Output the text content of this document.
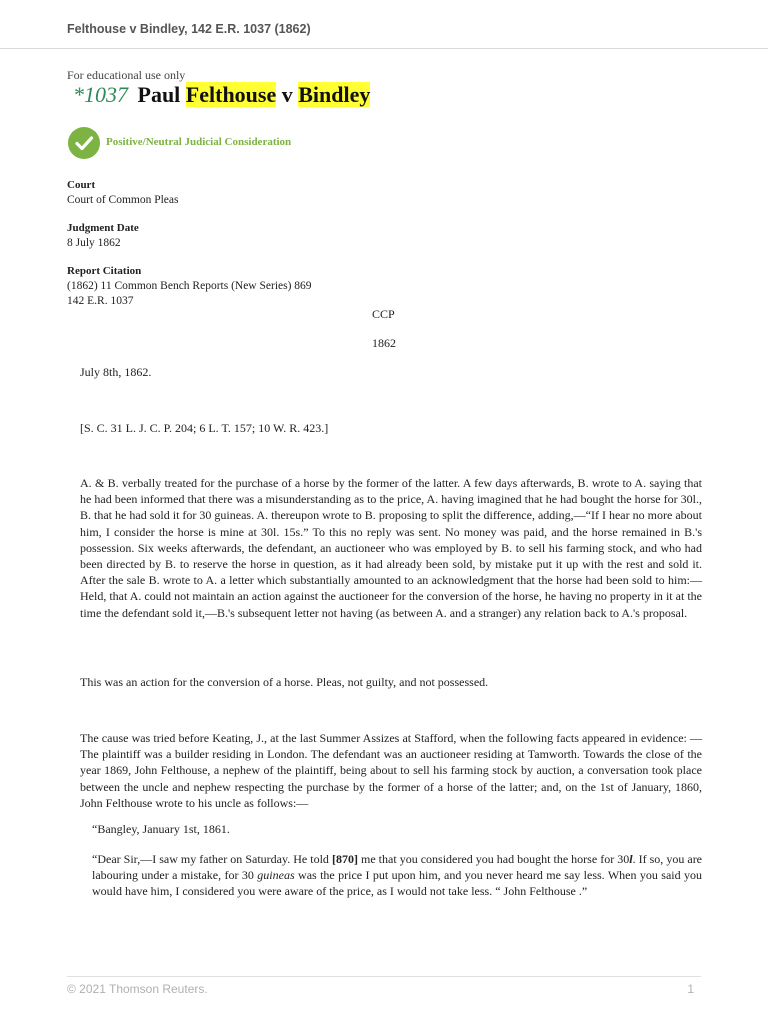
Felthouse v Bindley, 142 E.R. 1037 (1862)
For educational use only
*1037 Paul Felthouse v Bindley
Positive/Neutral Judicial Consideration
Court
Court of Common Pleas
Judgment Date
8 July 1862
Report Citation
(1862) 11 Common Bench Reports (New Series) 869
142 E.R. 1037
CCP
1862
July 8th, 1862.
[S. C. 31 L. J. C. P. 204; 6 L. T. 157; 10 W. R. 423.]
A. & B. verbally treated for the purchase of a horse by the former of the latter. A few days afterwards, B. wrote to A. saying that he had been informed that there was a misunderstanding as to the price, A. having imagined that he had bought the horse for 30l., B. that he had sold it for 30 guineas. A. thereupon wrote to B. proposing to split the difference, adding,—“If I hear no more about him, I consider the horse is mine at 30l. 15s.” To this no reply was sent. No money was paid, and the horse remained in B.'s possession. Six weeks afterwards, the defendant, an auctioneer who was employed by B. to sell his farming stock, and who had been directed by B. to reserve the horse in question, as it had already been sold, by mistake put it up with the rest and sold it. After the sale B. wrote to A. a letter which substantially amounted to an acknowledgment that the horse had been sold to him:—Held, that A. could not maintain an action against the auctioneer for the conversion of the horse, he having no property in it at the time the defendant sold it,—B.'s subsequent letter not having (as between A. and a stranger) any relation back to A.'s proposal.
This was an action for the conversion of a horse. Pleas, not guilty, and not possessed.
The cause was tried before Keating, J., at the last Summer Assizes at Stafford, when the following facts appeared in evidence: —The plaintiff was a builder residing in London. The defendant was an auctioneer residing at Tamworth. Towards the close of the year 1869, John Felthouse, a nephew of the plaintiff, being about to sell his farming stock by auction, a conversation took place between the uncle and nephew respecting the purchase by the former of a horse of the latter; and, on the 1st of January, 1860, John Felthouse wrote to his uncle as follows:—
“Bangley, January 1st, 1861.
“Dear Sir,—I saw my father on Saturday. He told [870] me that you considered you had bought the horse for 30l. If so, you are labouring under a mistake, for 30 guineas was the price I put upon him, and you never heard me say less. When you said you would have him, I considered you were aware of the price, as I would not take less. “ John Felthouse .”
© 2021 Thomson Reuters.	1
